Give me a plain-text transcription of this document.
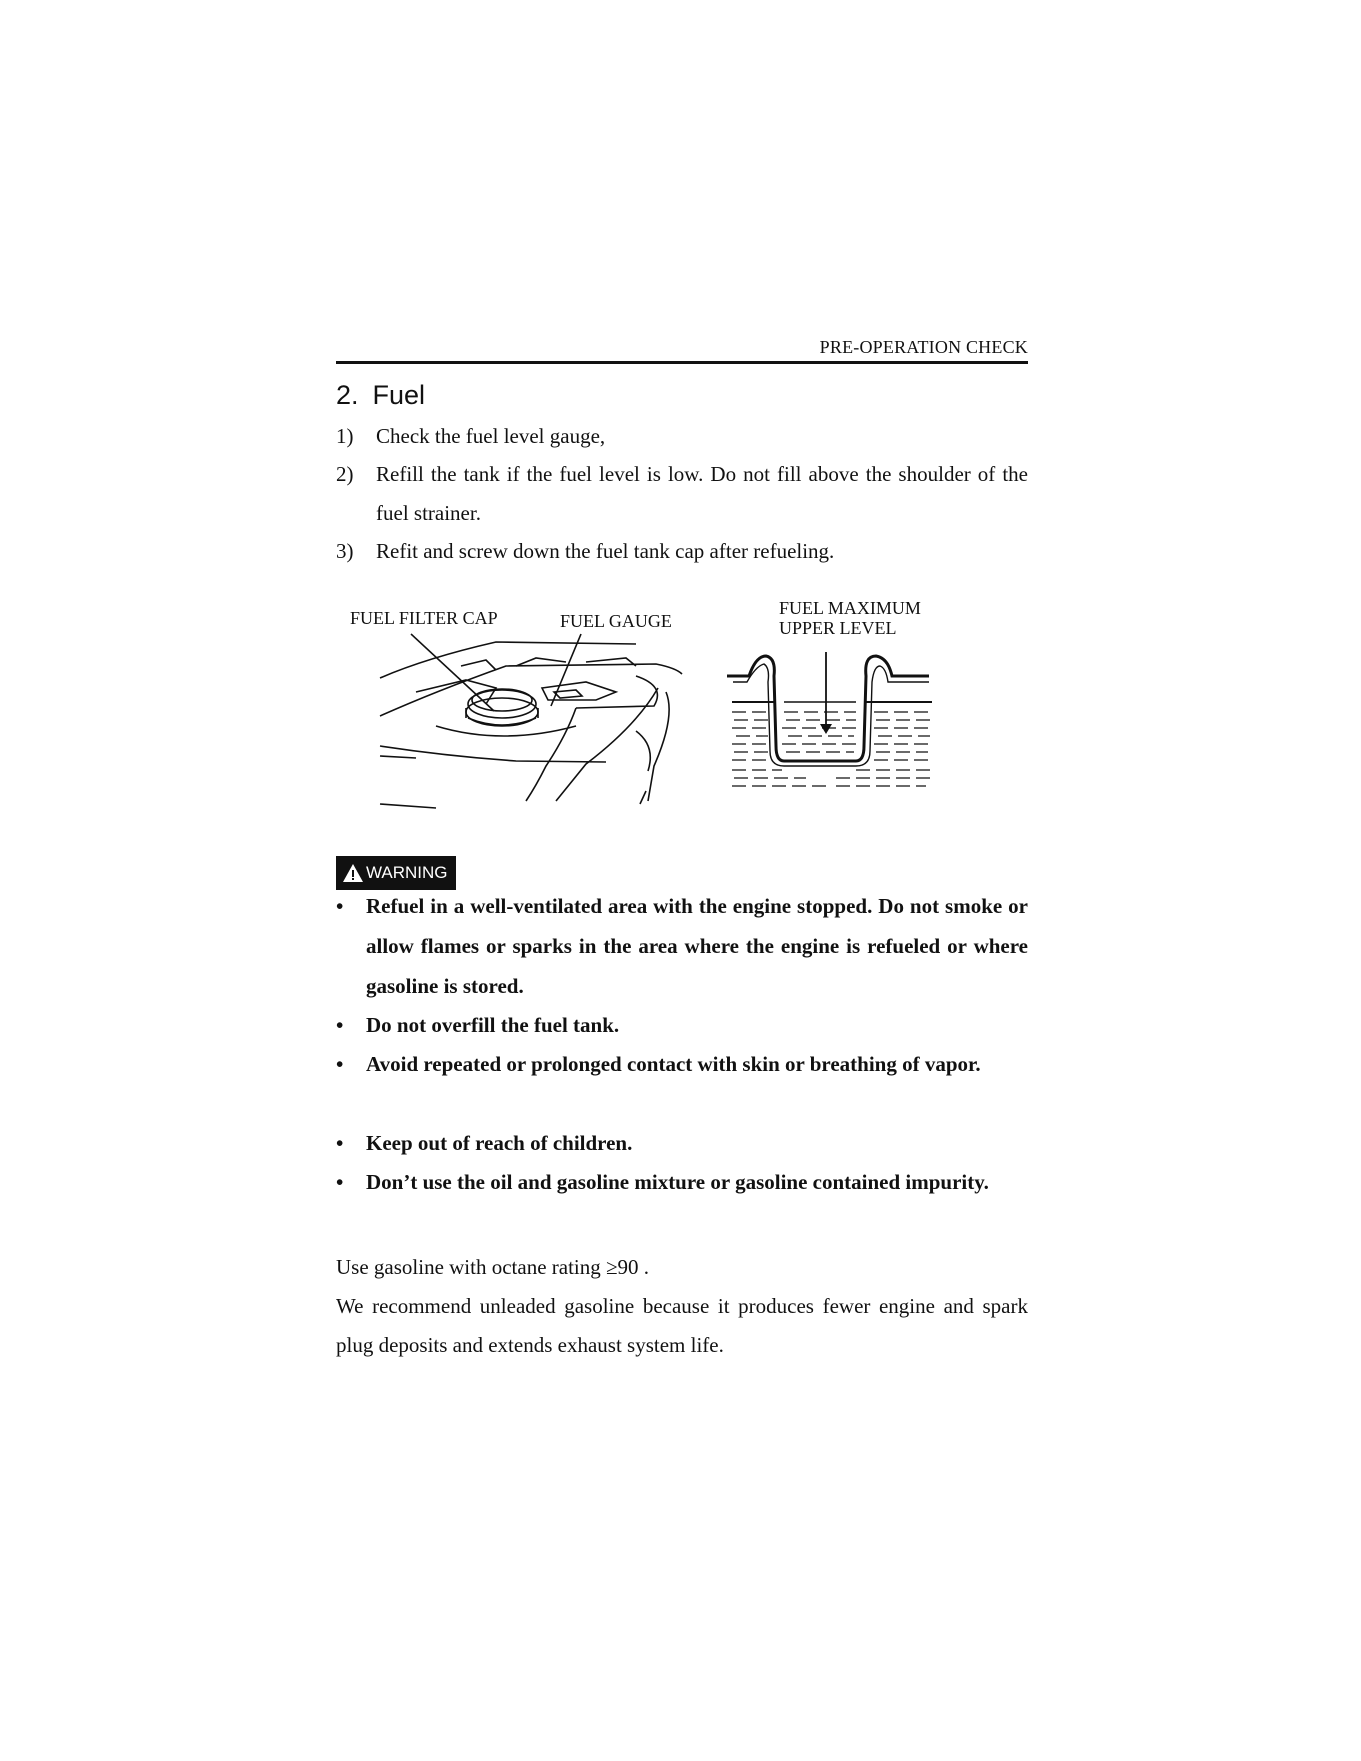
PRE-OPERATION CHECK
2. Fuel
1) Check the fuel level gauge,
2) Refill the tank if the fuel level is low. Do not fill above the shoulder of the fuel strainer.
3) Refit and screw down the fuel tank cap after refueling.
FUEL FILTER CAP	FUEL GAUGE
FUEL MAXIMUM
UPPER LEVEL
WARNING
• Refuel in a well-ventilated area with the engine stopped. Do not smoke or allow flames or sparks in the area where the engine is refueled or where gasoline is stored.
• Do not overfill the fuel tank.
• Avoid repeated or prolonged contact with skin or breathing of vapor.
• Keep out of reach of children.
• Don’t use the oil and gasoline mixture or gasoline contained impurity.
Use gasoline with octane rating ≥90 .
We recommend unleaded gasoline because it produces fewer engine and spark plug deposits and extends exhaust system life.
